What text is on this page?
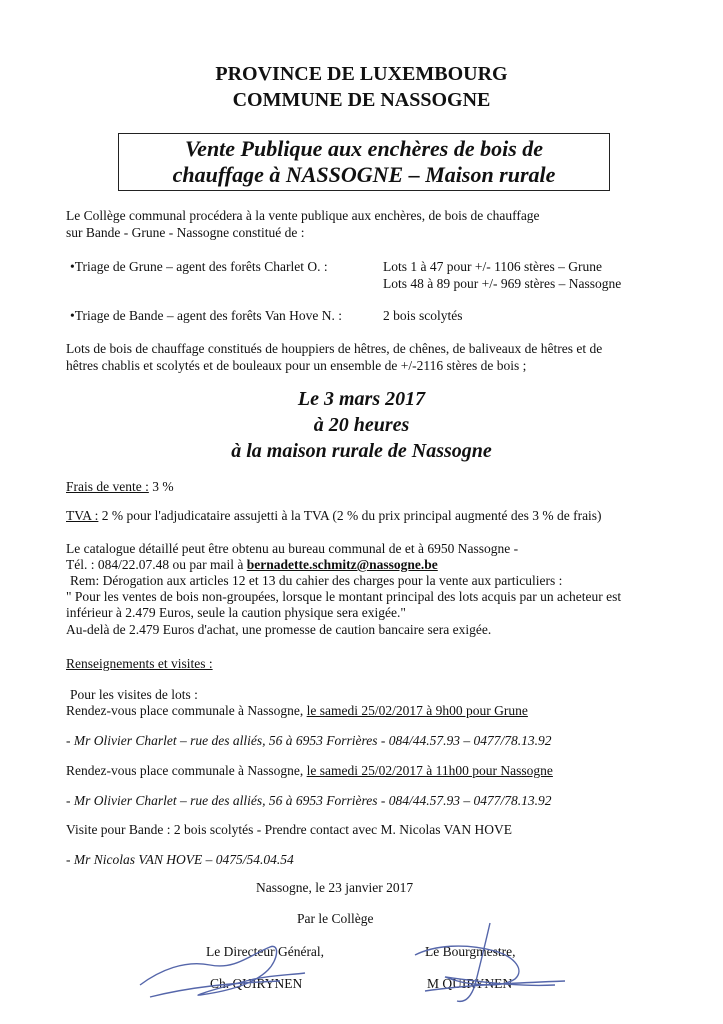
PROVINCE DE LUXEMBOURG
COMMUNE DE NASSOGNE
Vente Publique aux enchères de bois de
chauffage à NASSOGNE – Maison rurale
Le Collège communal procédera à la vente publique aux enchères, de bois de chauffage
sur Bande - Grune - Nassogne constitué de :
•Triage de Grune – agent des forêts Charlet O. :	Lots 1 à 47 pour +/- 1106 stères – Grune
Lots 48 à 89 pour +/- 969 stères – Nassogne
•Triage de Bande – agent des forêts Van Hove N. :	2 bois scolytés
Lots de bois de chauffage constitués de houppiers de hêtres, de chênes, de baliveaux de hêtres et de
hêtres chablis et scolytés et de bouleaux pour un ensemble de +/-2116 stères de bois ;
Le 3 mars 2017
à 20 heures
à la maison rurale de Nassogne
Frais de vente : 3 %
TVA : 2 % pour l'adjudicataire assujetti à la TVA (2 % du prix principal augmenté des 3 % de frais)
Le catalogue détaillé peut être obtenu au bureau communal de et à 6950 Nassogne -
Tél. : 084/22.07.48 ou par mail à bernadette.schmitz@nassogne.be
Rem: Dérogation aux articles 12 et 13 du cahier des charges pour la vente aux particuliers :
" Pour les ventes de bois non-groupées, lorsque le montant principal des lots acquis par un acheteur est
inférieur à 2.479 Euros, seule la caution physique sera exigée."
Au-delà de 2.479 Euros d'achat, une promesse de caution bancaire sera exigée.
Renseignements et visites :
Pour les visites de lots :
Rendez-vous place communale à Nassogne, le samedi 25/02/2017 à 9h00 pour Grune
- Mr Olivier Charlet – rue des alliés, 56 à 6953 Forrières - 084/44.57.93 – 0477/78.13.92
Rendez-vous place communale à Nassogne, le samedi 25/02/2017 à 11h00 pour Nassogne
- Mr Olivier Charlet – rue des alliés, 56 à 6953 Forrières - 084/44.57.93 – 0477/78.13.92
Visite pour Bande : 2 bois scolytés - Prendre contact avec M. Nicolas VAN HOVE
- Mr Nicolas VAN HOVE – 0475/54.04.54
Nassogne, le 23 janvier 2017
Par le Collège
Le Directeur Général,
Ch. QUIRYNEN
Le Bourgmestre,
M QUIRYNEN
